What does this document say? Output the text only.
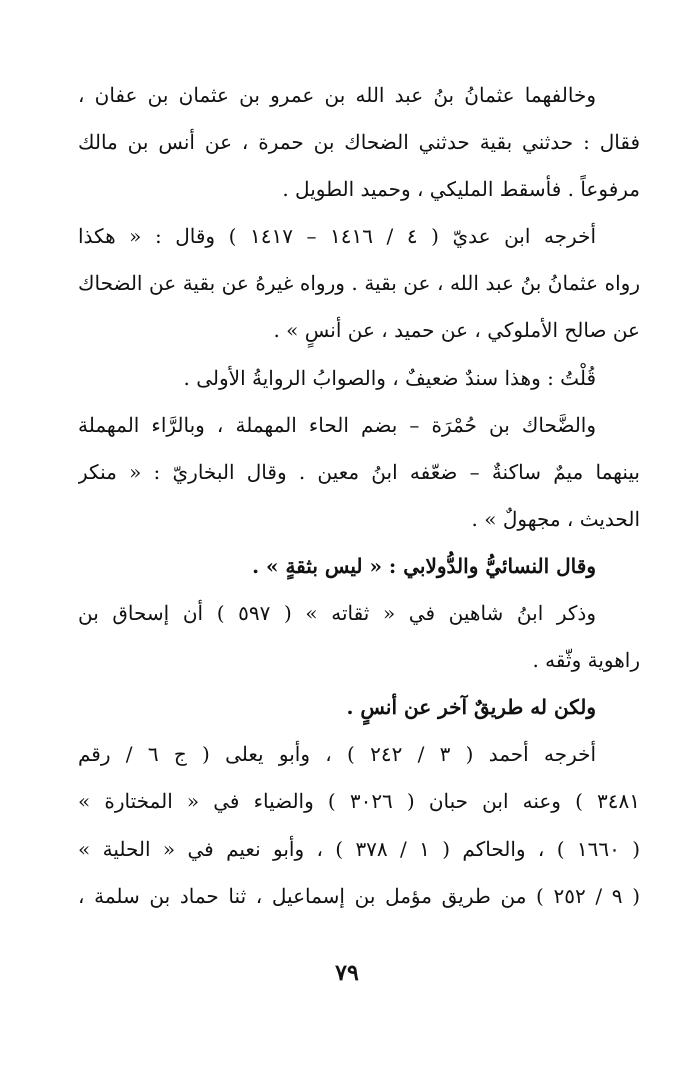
وخالفهما عثمانُ بنُ عبد الله بن عمرو بن عثمان بن عفان ،
فقال : حدثني بقية حدثني الضحاك بن حمرة ، عن أنس بن مالك
مرفوعاً . فأسقط المليكي ، وحميد الطويل .
أخرجه ابن عديّ ( ٤ / ١٤١٦ – ١٤١٧ ) وقال : « هكذا
رواه عثمانُ بنُ عبد الله ، عن بقية . ورواه غيرهُ عن بقية عن الضحاك
عن صالح الأملوكي ، عن حميد ، عن أنسٍ » .
قُلْتُ : وهذا سندٌ ضعيفٌ ، والصوابُ الروايةُ الأولى .
والضَّحاك بن حُمْرَة – بضم الحاء المهملة ، وبالرَّاء المهملة
بينهما ميمٌ ساكنةٌ – ضعّفه ابنُ معين . وقال البخاريّ : « منكر
الحديث ، مجهولٌ » .
وقال النسائيُّ والدُّولابي : « ليس بثقةٍ » .
وذكر ابنُ شاهين في « ثقاته » ( ٥٩٧ ) أن إسحاق بن
راهوية وثّقه .
ولكن له طريقٌ آخر عن أنسٍ .
أخرجه أحمد ( ٣ / ٢٤٢ ) ، وأبو يعلى ( ج ٦ / رقم
٣٤٨١ ) وعنه ابن حبان ( ٣٠٢٦ ) والضياء في « المختارة »
( ١٦٦٠ ) ، والحاكم ( ١ / ٣٧٨ ) ، وأبو نعيم في « الحلية »
( ٩ / ٢٥٢ ) من طريق مؤمل بن إسماعيل ، ثنا حماد بن سلمة ،
٧٩
